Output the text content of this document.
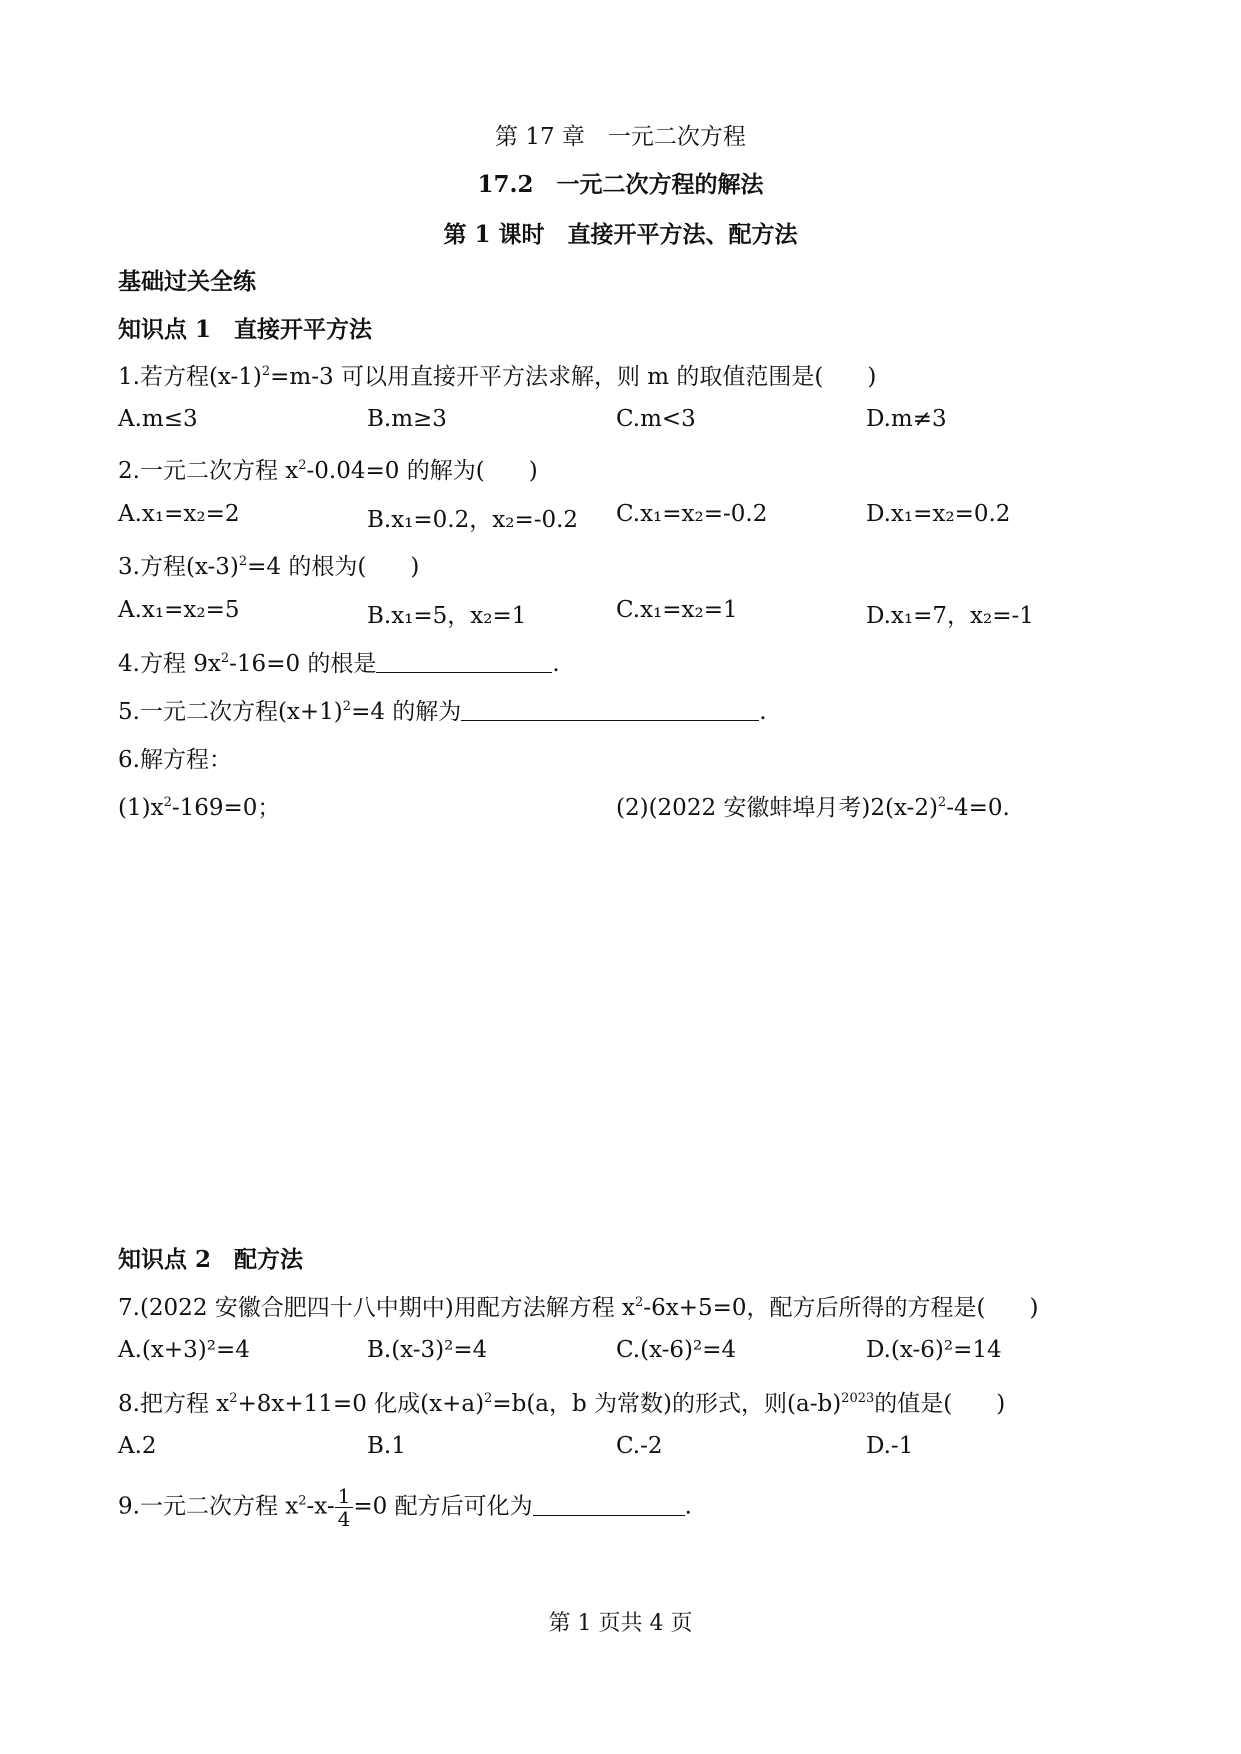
第 17 章　一元二次方程
17.2　一元二次方程的解法
第 1 课时　直接开平方法、配方法
基础过关全练
知识点 1　直接开平方法
1.若方程$(x-1)^2=m-3$ 可以用直接开平方法求解，则 m 的取值范围是( )
A.m≤3	B.m≥3	C.m<3	D.m≠3
2.一元二次方程 $x^2-0.04=0$ 的解为( )
A.x₁=x₂=2	B.x₁=0.2，x₂=-0.2 C.x₁=x₂=-0.2	D.x₁=x₂=0.2
3.方程$(x-3)^2=4$ 的根为( )
A.x₁=x₂=5	B.x₁=5，x₂=1	C.x₁=x₂=1	D.x₁=7，x₂=-1
4.方程 $9x^2-16=0$ 的根是	.
5.一元二次方程$(x+1)^2=4$ 的解为	.
6.解方程：
$(1)x^2-169=0$；	(2)(2022 安徽蚌埠月考)$2(x-2)^2-4=0$.
知识点 2　配方法
7.(2022 安徽合肥四十八中期中)用配方法解方程 $x^2-6x+5=0$，配方后所得的方程是( )
A.(x+3)²=4	B.(x-3)²=4	C.(x-6)²=4	D.(x-6)²=14
8.把方程 $x^2+8x+11=0$ 化成$(x+a)^2=b(a$，b 为常数)的形式，则$(a-b)^{2023}$的值是( )
A.2	B.1	C.-2	D.-1
9.一元二次方程 $x^2-x- \frac{1}{4} =0$ 配方后可化为	.
第 1 页共 4 页
